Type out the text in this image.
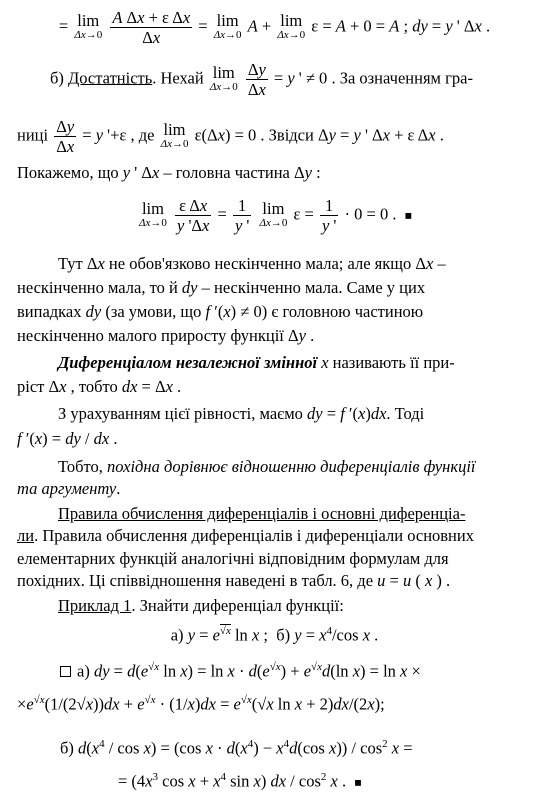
= lim
Δx→0
$\frac{\text{A Δx + ε Δx}}{\Delta x} = \lim$
Δx→0 A + lim
Δx→0 ε = A + 0 = A ; dy = y ' Δx .
б) Достатність. Нехай lim
Δx→0
$\frac{\Delta y}{\Delta x} = y$ ' ≠ 0 . За означенням гра-
ниці $\frac{\Delta y}{\Delta x} = y$ '+ε , де lim
Δx→0 ε(Δx) = 0 . Звідси Δy = y ' Δx + ε Δx .
Покажемо, що y ' Δx – головна частина Δy :
lim
Δx→0
$\frac{\text{ε Δx}}{y '\Delta x} = \frac{1}{y '}$ lim
Δx→0 $\varepsilon = \frac{1}{y '} \cdot 0 = 0$ .  ■
Тут Δx не обов'язково нескінченно мала; але якщо Δx –
нескінченно мала, то й dy – нескінченно мала. Саме у цих
випадках dy (за умови, що f ′(x) ≠ 0) є головною частиною
нескінченно малого приросту функції Δy .
Диференціалом незалежної змінної x називають її при-
ріст Δx , тобто dx = Δx .
З урахуванням цієї рівності, маємо dy = f ′(x)dx. Тоді
f ′(x) = dy / dx .
Тобто, похідна дорівнює відношенню диференціалів функції
та аргументу.
Правила обчислення диференціалів і основні диференціа-
ли. Правила обчислення диференціалів і диференціали основних
елементарних функцій аналогічні відповідним формулам для
похідних. Ці співвідношення наведені в табл. 6, де u = u ( x ) .
Приклад 1. Знайти диференціал функції:
а) $y = e^{√x}$ ln x ;  б) $y = x^4/\cos$ x .
а) dy = $d(e^{√x}$ $\ln x) = \ln x \cdot d(e^{√x}) + e^{√x}d(\ln$ x) = ln x ×
$\times e^{√x}(1/(2√x))dx + e^{√x} \cdot (1/x)dx = e^{√x}(√x$ ln x + 2)dx/(2x);
б) $d(x^4 / \cos x) = (\cos$ $x \cdot d(x^4) - x^4d(\cos$ $x)) / \cos^2 x$ =
= ($4x^3$ $\cos x + x^4$ sin x) dx / $\cos^2 x$ .  ■
